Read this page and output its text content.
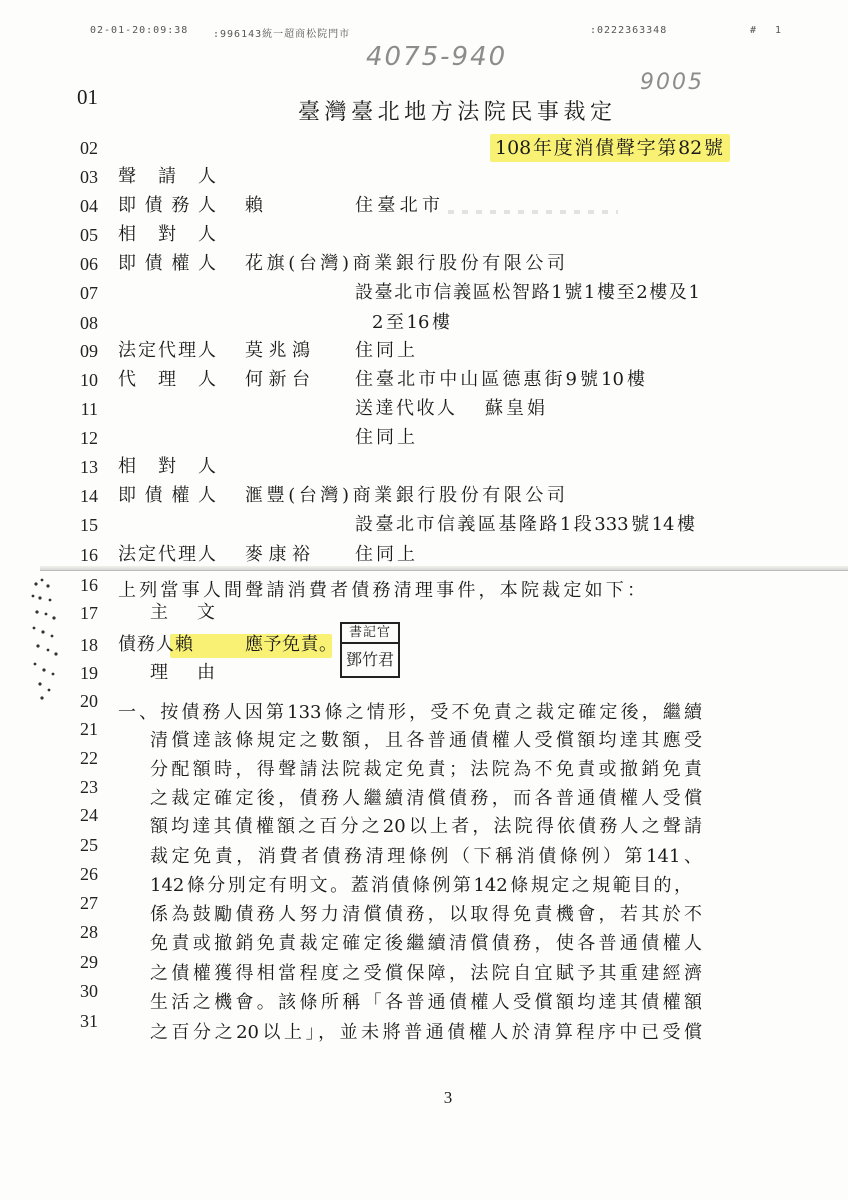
02-01-20:09:38 :996143統一超商松院門市	:0222363348	# 1
4075-940
9005
01
臺灣臺北地方法院民事裁定
02	108年度消債聲字第82號
03 聲 請 人
04 即債務人 賴	住臺北市
05 相 對 人
06 即債權人 花旗(台灣)商業銀行股份有限公司
07	設臺北市信義區松智路1號1樓至2樓及1
08	2至16樓
09 法定代理人 莫兆鴻	住同上
10 代 理 人 何新台	住臺北市中山區德惠街9號10樓
11	送達代收人 蘇皇娟
12	住同上
13 相 對 人
14 即債權人 滙豐(台灣)商業銀行股份有限公司
15	設臺北市信義區基隆路1段333號14樓
16 法定代理人 麥康裕	住同上
16 上列當事人間聲請消費者債務清理事件，本院裁定如下：
17	主 文
18 債務人賴	應予免責。
書記官
鄧竹君
19	理 由
20
一、按債務人因第133條之情形，受不免責之裁定確定後，繼續
21
清償達該條規定之數額，且各普通債權人受償額均達其應受
22
分配額時，得聲請法院裁定免責；法院為不免責或撤銷免責
23
之裁定確定後，債務人繼續清償債務，而各普通債權人受償
24
額均達其債權額之百分之20以上者，法院得依債務人之聲請
25
裁定免責，消費者債務清理條例（下稱消債條例）第141、
26
142條分別定有明文。蓋消債條例第142條規定之規範目的，
27
係為鼓勵債務人努力清償債務，以取得免責機會，若其於不
28
免責或撤銷免責裁定確定後繼續清償債務，使各普通債權人
29
之債權獲得相當程度之受償保障，法院自宜賦予其重建經濟
30
生活之機會。該條所稱「各普通債權人受償額均達其債權額
31
之百分之20以上」，並未將普通債權人於清算程序中已受償
3
